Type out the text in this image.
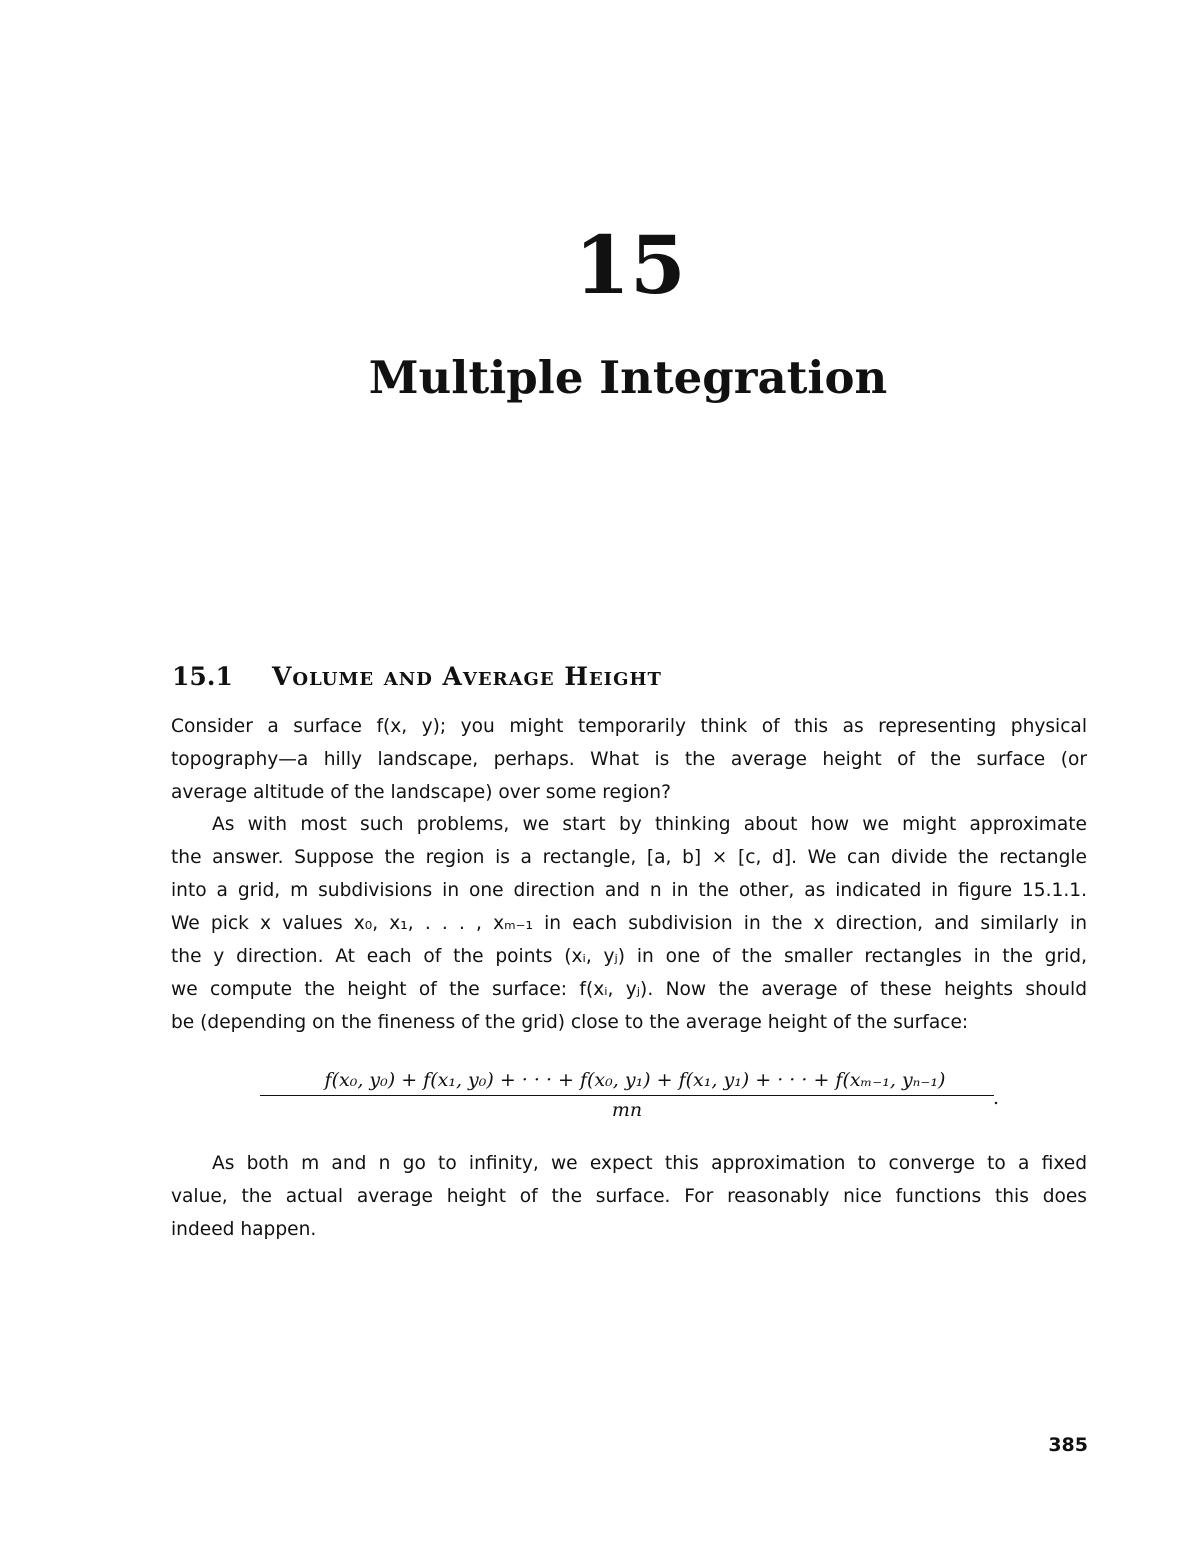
15
Multiple Integration
15.1 Volume and Average Height
Consider a surface f(x, y); you might temporarily think of this as representing physical
topography—a hilly landscape, perhaps. What is the average height of the surface (or
average altitude of the landscape) over some region?
As with most such problems, we start by thinking about how we might approximate
the answer. Suppose the region is a rectangle, [a, b] × [c, d]. We can divide the rectangle
into a grid, m subdivisions in one direction and n in the other, as indicated in figure 15.1.1.
We pick x values x₀, x₁, . . . , xₘ₋₁ in each subdivision in the x direction, and similarly in
the y direction. At each of the points (xᵢ, yⱼ) in one of the smaller rectangles in the grid,
we compute the height of the surface: f(xᵢ, yⱼ). Now the average of these heights should
be (depending on the fineness of the grid) close to the average height of the surface:
f(x₀, y₀) + f(x₁, y₀) + · · · + f(x₀, y₁) + f(x₁, y₁) + · · · + f(xₘ₋₁, yₙ₋₁)
mn
.
As both m and n go to infinity, we expect this approximation to converge to a fixed
value, the actual average height of the surface. For reasonably nice functions this does
indeed happen.
385
